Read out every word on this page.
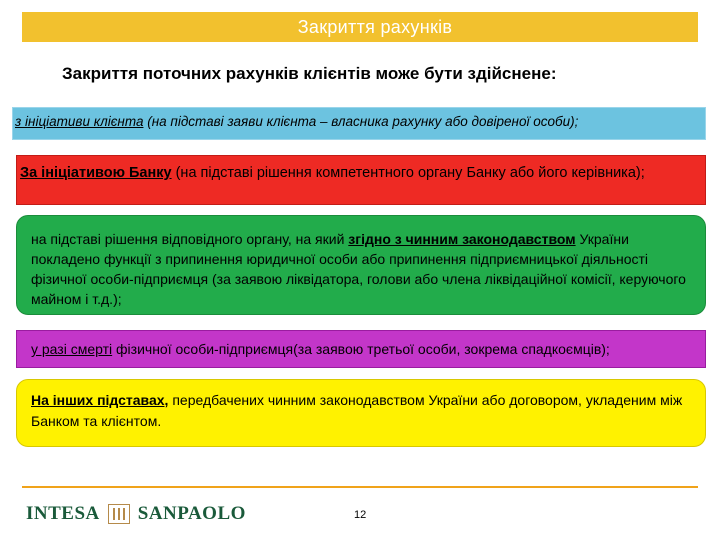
Закриття рахунків
Закриття поточних рахунків клієнтів може бути здійснене:
з ініціативи клієнта (на підставі заяви клієнта – власника рахунку або довіреної особи);
За ініціативою Банку (на підставі рішення компетентного органу Банку або його керівника);
на підставі рішення відповідного органу, на який згідно з чинним законодавством України покладено функції з припинення юридичної особи або припинення підприємницької діяльності фізичної особи-підприємця (за заявою ліквідатора, голови або члена ліквідаційної комісії, керуючого майном і т.д.);
у разі смерті фізичної особи-підприємця(за заявою третьої особи, зокрема спадкоємців);
На інших підставах, передбачених чинним законодавством України або договором, укладеним між Банком та клієнтом.
INTESA SANPAOLO	12
